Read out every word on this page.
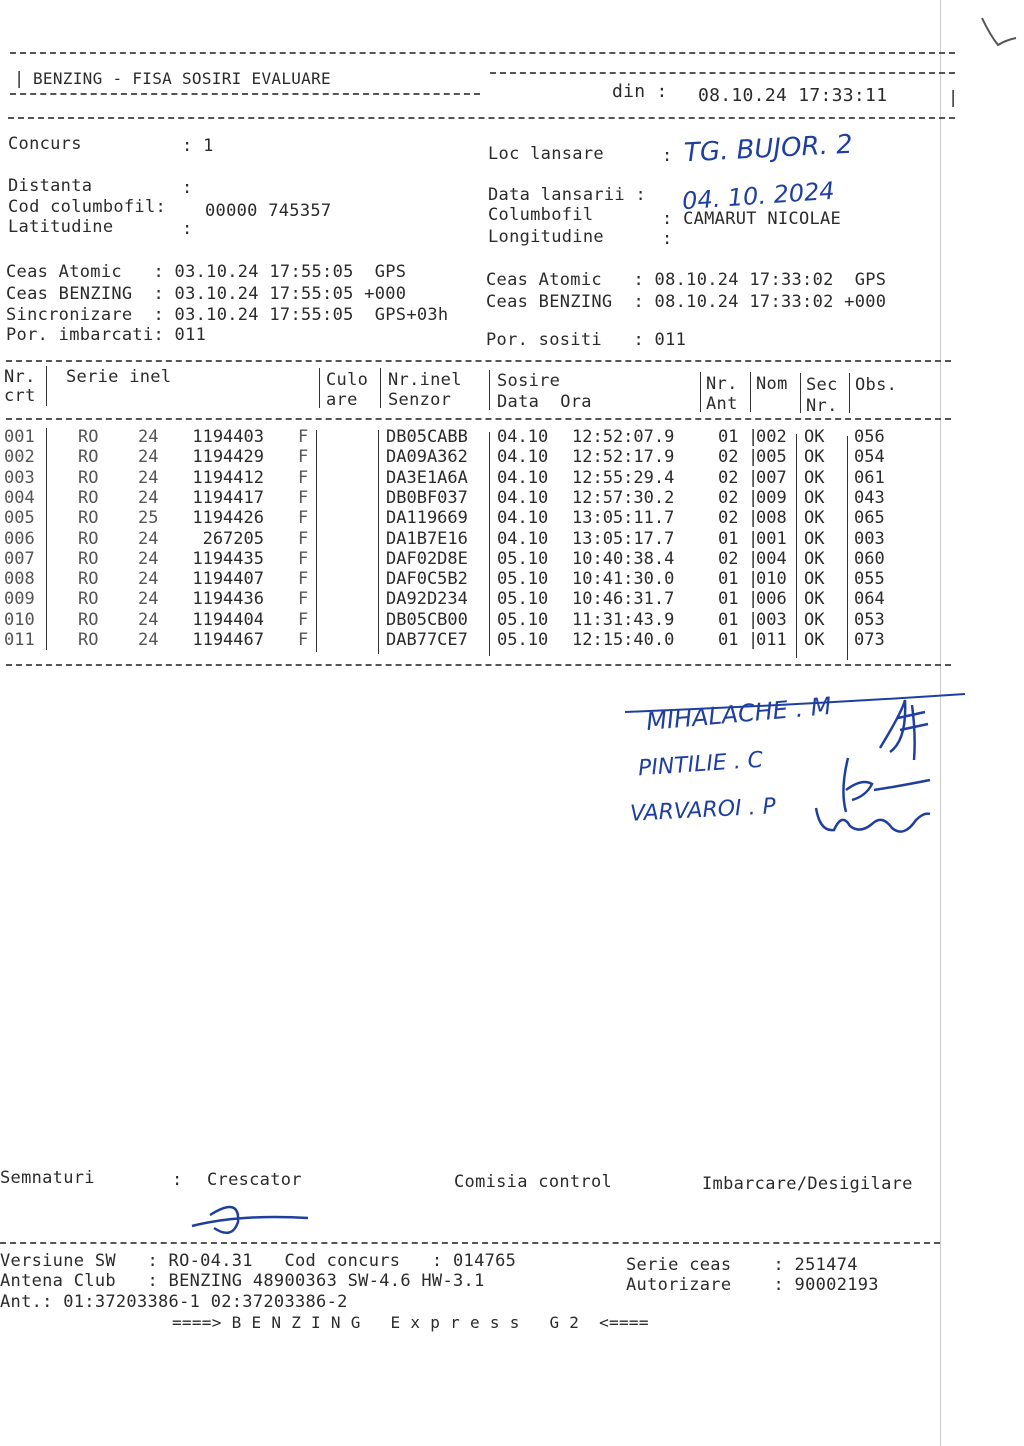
| BENZING - FISA SOSIRI EVALUARE
din : 08.10.24 17:33:11	|
Concurs	: 1
Distanta	:
Cod columbofil: 00000 745357
Latitudine	:
Loc lansare	: TG. BUJOR. 2
Data lansarii : 04. 10. 2024
Columbofil	: CAMARUT NICOLAE
Longitudine	:
Ceas Atomic   : 03.10.24 17:55:05  GPS
Ceas BENZING  : 03.10.24 17:55:05 +000
Sincronizare  : 03.10.24 17:55:05  GPS+03h
Por. imbarcati: 011
Ceas Atomic   : 08.10.24 17:33:02  GPS
Ceas BENZING  : 08.10.24 17:33:02 +000
Por. sositi   : 011
Nr.
crt
Serie inel	Culo
are
Nr.inel
Senzor
Sosire
Data  Ora
Nr.
Ant
Nom Sec
Nr.
Obs.
001	RO 24	1194403 F	DB05CABB 04.10 12:52:07.9	01 002 OK 056
|
002	RO 24	1194429 F	DA09A362 04.10 12:52:17.9	02 005 OK 054
|
003	RO 24	1194412 F	DA3E1A6A 04.10 12:55:29.4	02 007 OK 061
|
004	RO 24	1194417 F	DB0BF037 04.10 12:57:30.2	02 009 OK 043
|
005	RO 25	1194426 F	DA119669 04.10 13:05:11.7	02 008 OK 065
|
006	RO 24	267205 F	DA1B7E16 04.10 13:05:17.7	01 001 OK 003
|
007	RO 24	1194435 F	DAF02D8E 05.10 10:40:38.4	02 004 OK 060
|
008	RO 24	1194407 F	DAF0C5B2 05.10 10:41:30.0	01 010 OK 055
|
009	RO 24	1194436 F	DA92D234 05.10 10:46:31.7	01 006 OK 064
|
010	RO 24	1194404 F	DB05CB00 05.10 11:31:43.9	01 003 OK 053
|
011	RO 24	1194467 F	DAB77CE7 05.10 12:15:40.0	01 011 OK 073
|
MIHALACHE . M
PINTILIE . C
VARVAROI . P
Semnaturi	: Crescator	Comisia control	Imbarcare/Desigilare
Versiune SW   : RO-04.31   Cod concurs   : 014765	Serie ceas    : 251474
Antena Club   : BENZING 48900363 SW-4.6 HW-3.1	Autorizare    : 90002193
Ant.: 01:37203386-1 02:37203386-2
====> B E N Z I N G   E x p r e s s   G 2  <====
